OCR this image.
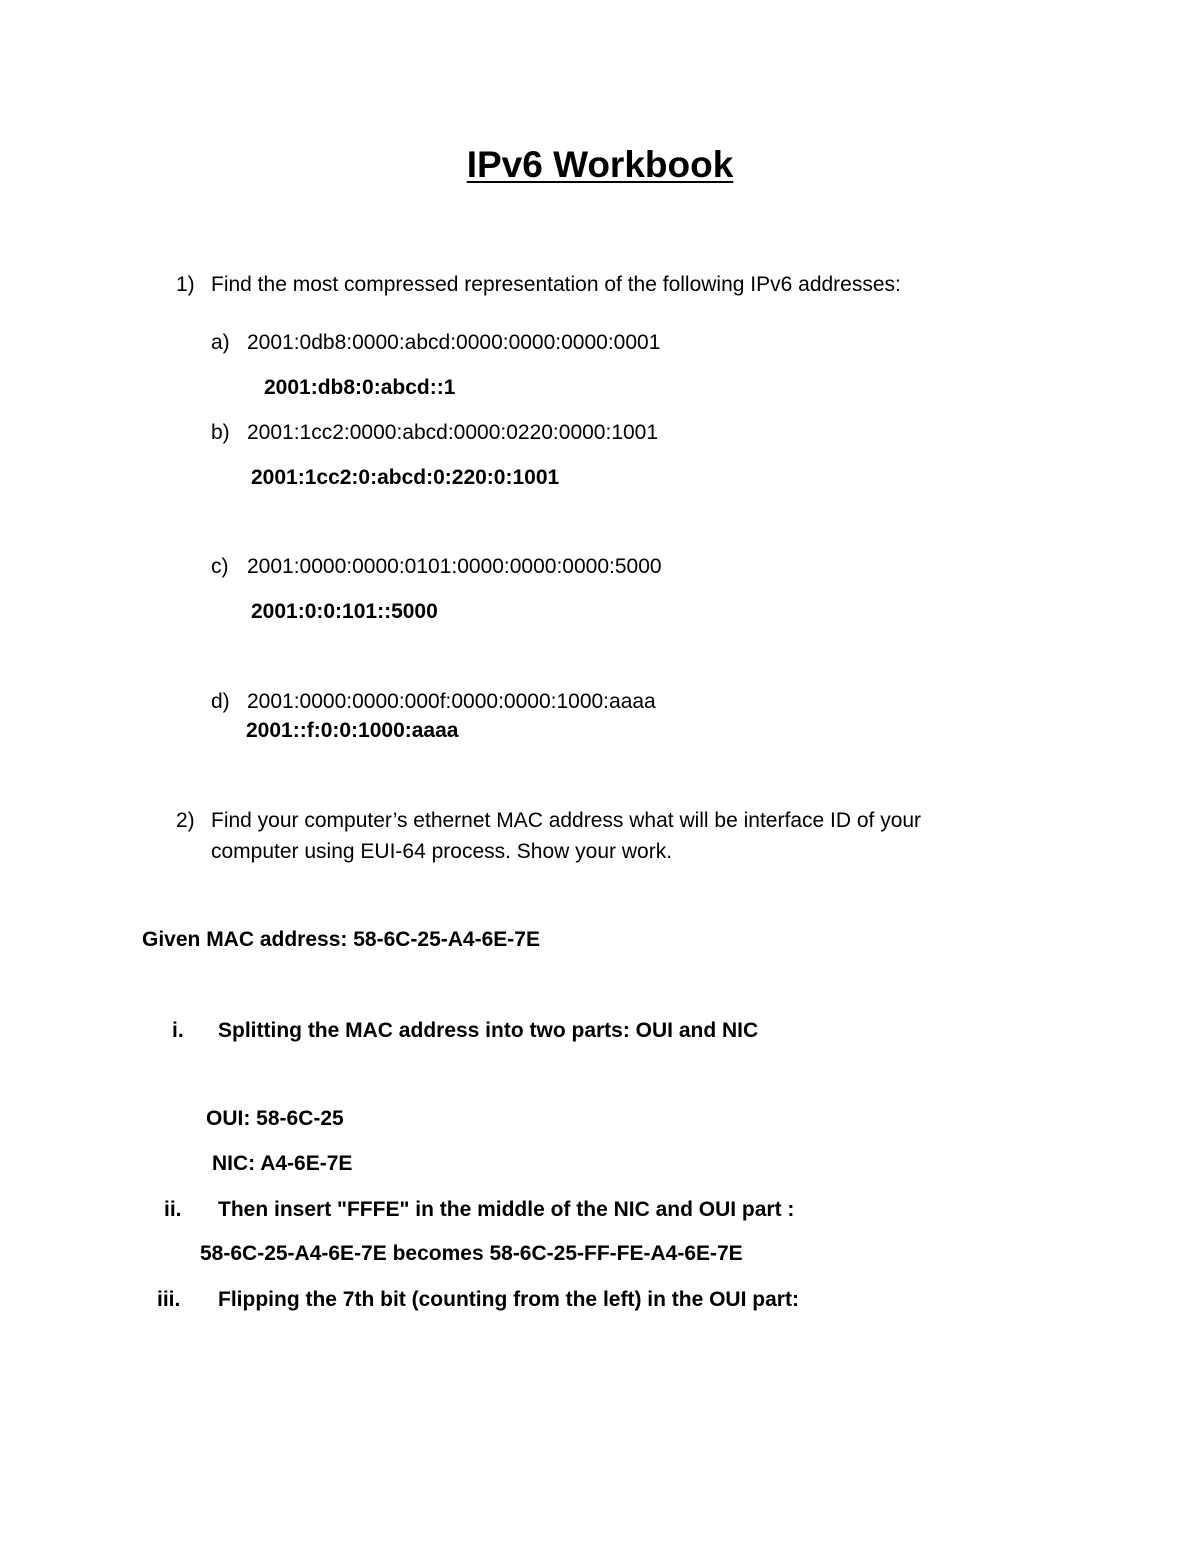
IPv6 Workbook
1) Find the most compressed representation of the following IPv6 addresses:
a) 2001:0db8:0000:abcd:0000:0000:0000:0001
2001:db8:0:abcd::1
b) 2001:1cc2:0000:abcd:0000:0220:0000:1001
2001:1cc2:0:abcd:0:220:0:1001
c) 2001:0000:0000:0101:0000:0000:0000:5000
2001:0:0:101::5000
d) 2001:0000:0000:000f:0000:0000:1000:aaaa
2001::f:0:0:1000:aaaa
2) Find your computer’s ethernet MAC address what will be interface ID of your
computer using EUI-64 process. Show your work.
Given MAC address: 58-6C-25-A4-6E-7E
i. Splitting the MAC address into two parts: OUI and NIC
OUI: 58-6C-25
NIC: A4-6E-7E
ii. Then insert "FFFE" in the middle of the NIC and OUI part :
58-6C-25-A4-6E-7E becomes 58-6C-25-FF-FE-A4-6E-7E
iii. Flipping the 7th bit (counting from the left) in the OUI part:
